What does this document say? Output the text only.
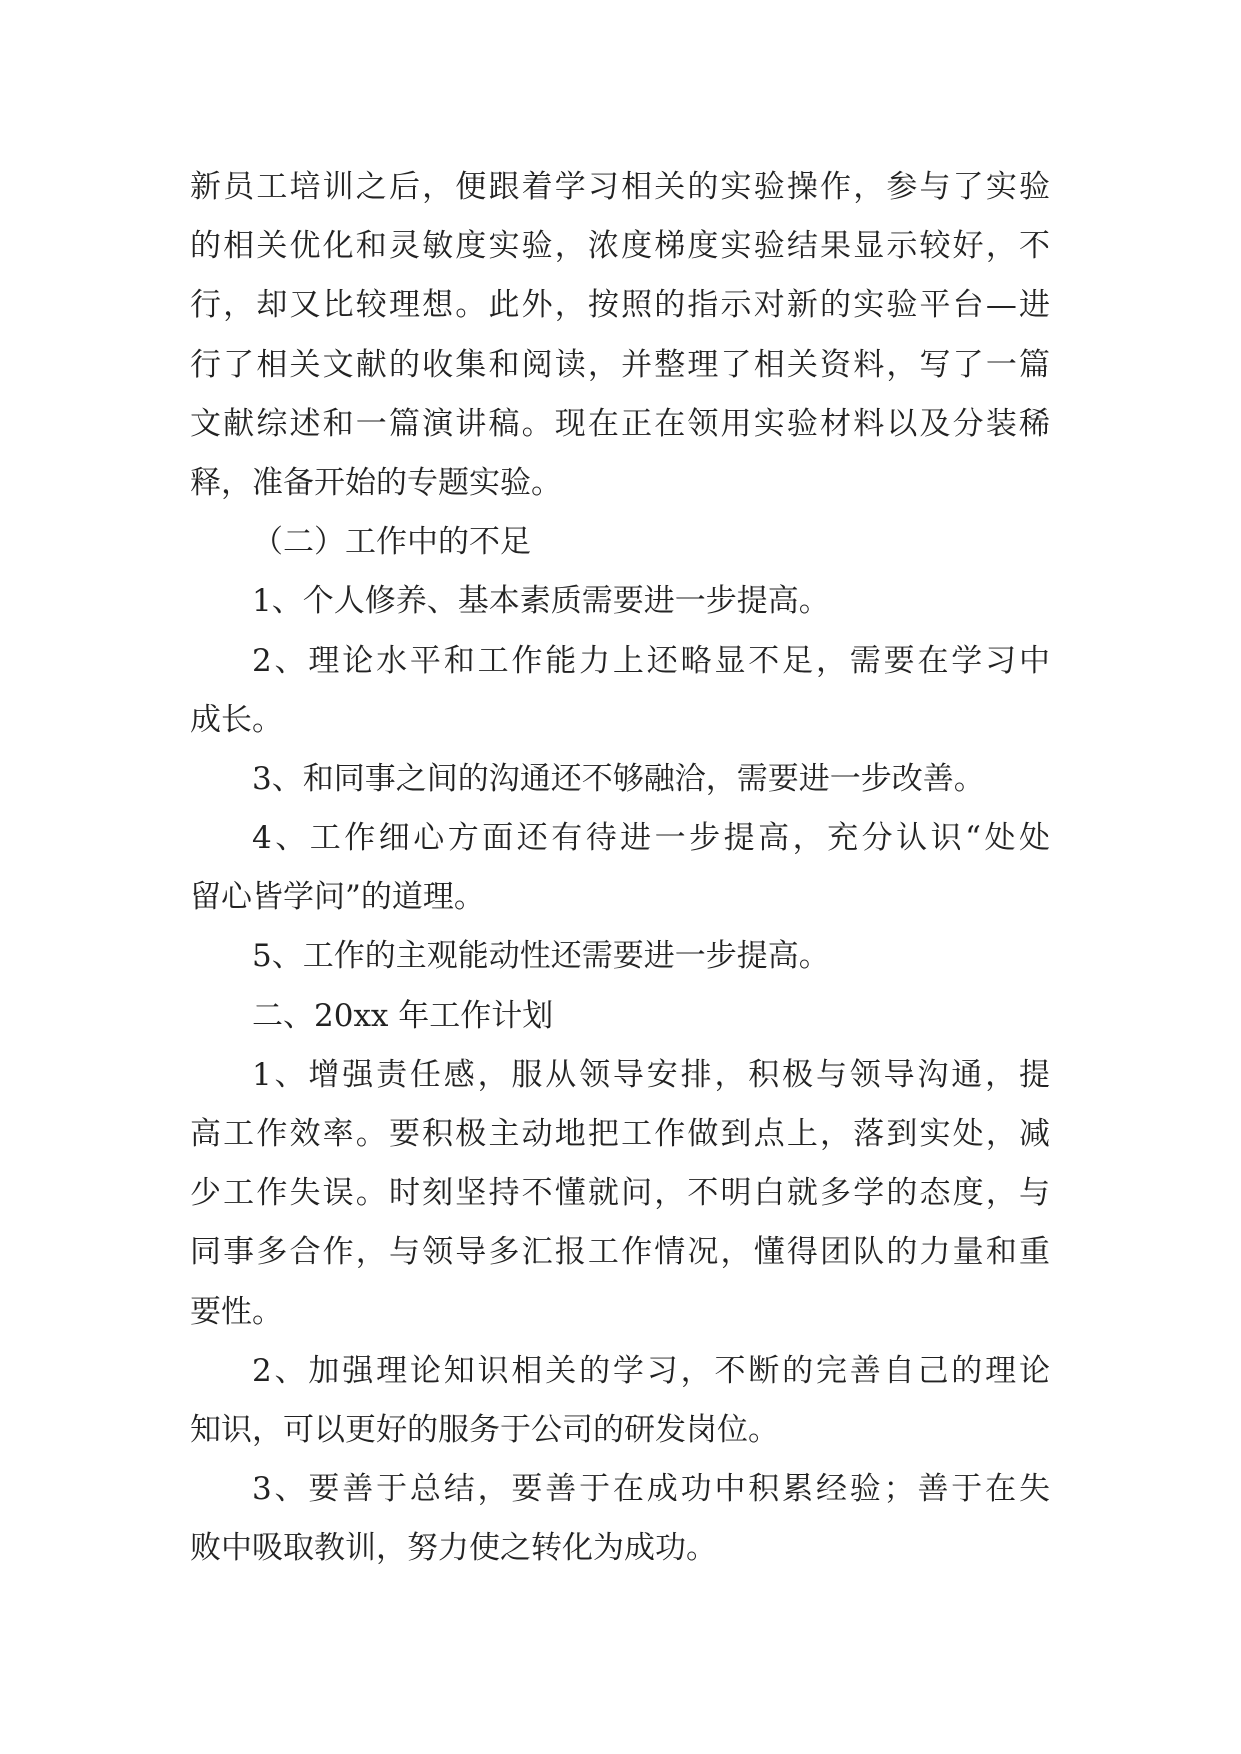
新员工培训之后，便跟着学习相关的实验操作，参与了实验
的相关优化和灵敏度实验，浓度梯度实验结果显示较好，不
行，却又比较理想。此外，按照的指示对新的实验平台—进
行了相关文献的收集和阅读，并整理了相关资料，写了一篇
文献综述和一篇演讲稿。现在正在领用实验材料以及分装稀
释，准备开始的专题实验。
（二）工作中的不足
1、个人修养、基本素质需要进一步提高。
2、理论水平和工作能力上还略显不足，需要在学习中
成长。
3、和同事之间的沟通还不够融洽，需要进一步改善。
4、工作细心方面还有待进一步提高，充分认识“处处
留心皆学问”的道理。
5、工作的主观能动性还需要进一步提高。
二、20xx 年工作计划
1、增强责任感，服从领导安排，积极与领导沟通，提
高工作效率。要积极主动地把工作做到点上，落到实处，减
少工作失误。时刻坚持不懂就问，不明白就多学的态度，与
同事多合作，与领导多汇报工作情况，懂得团队的力量和重
要性。
2、加强理论知识相关的学习，不断的完善自己的理论
知识，可以更好的服务于公司的研发岗位。
3、要善于总结，要善于在成功中积累经验；善于在失
败中吸取教训，努力使之转化为成功。
